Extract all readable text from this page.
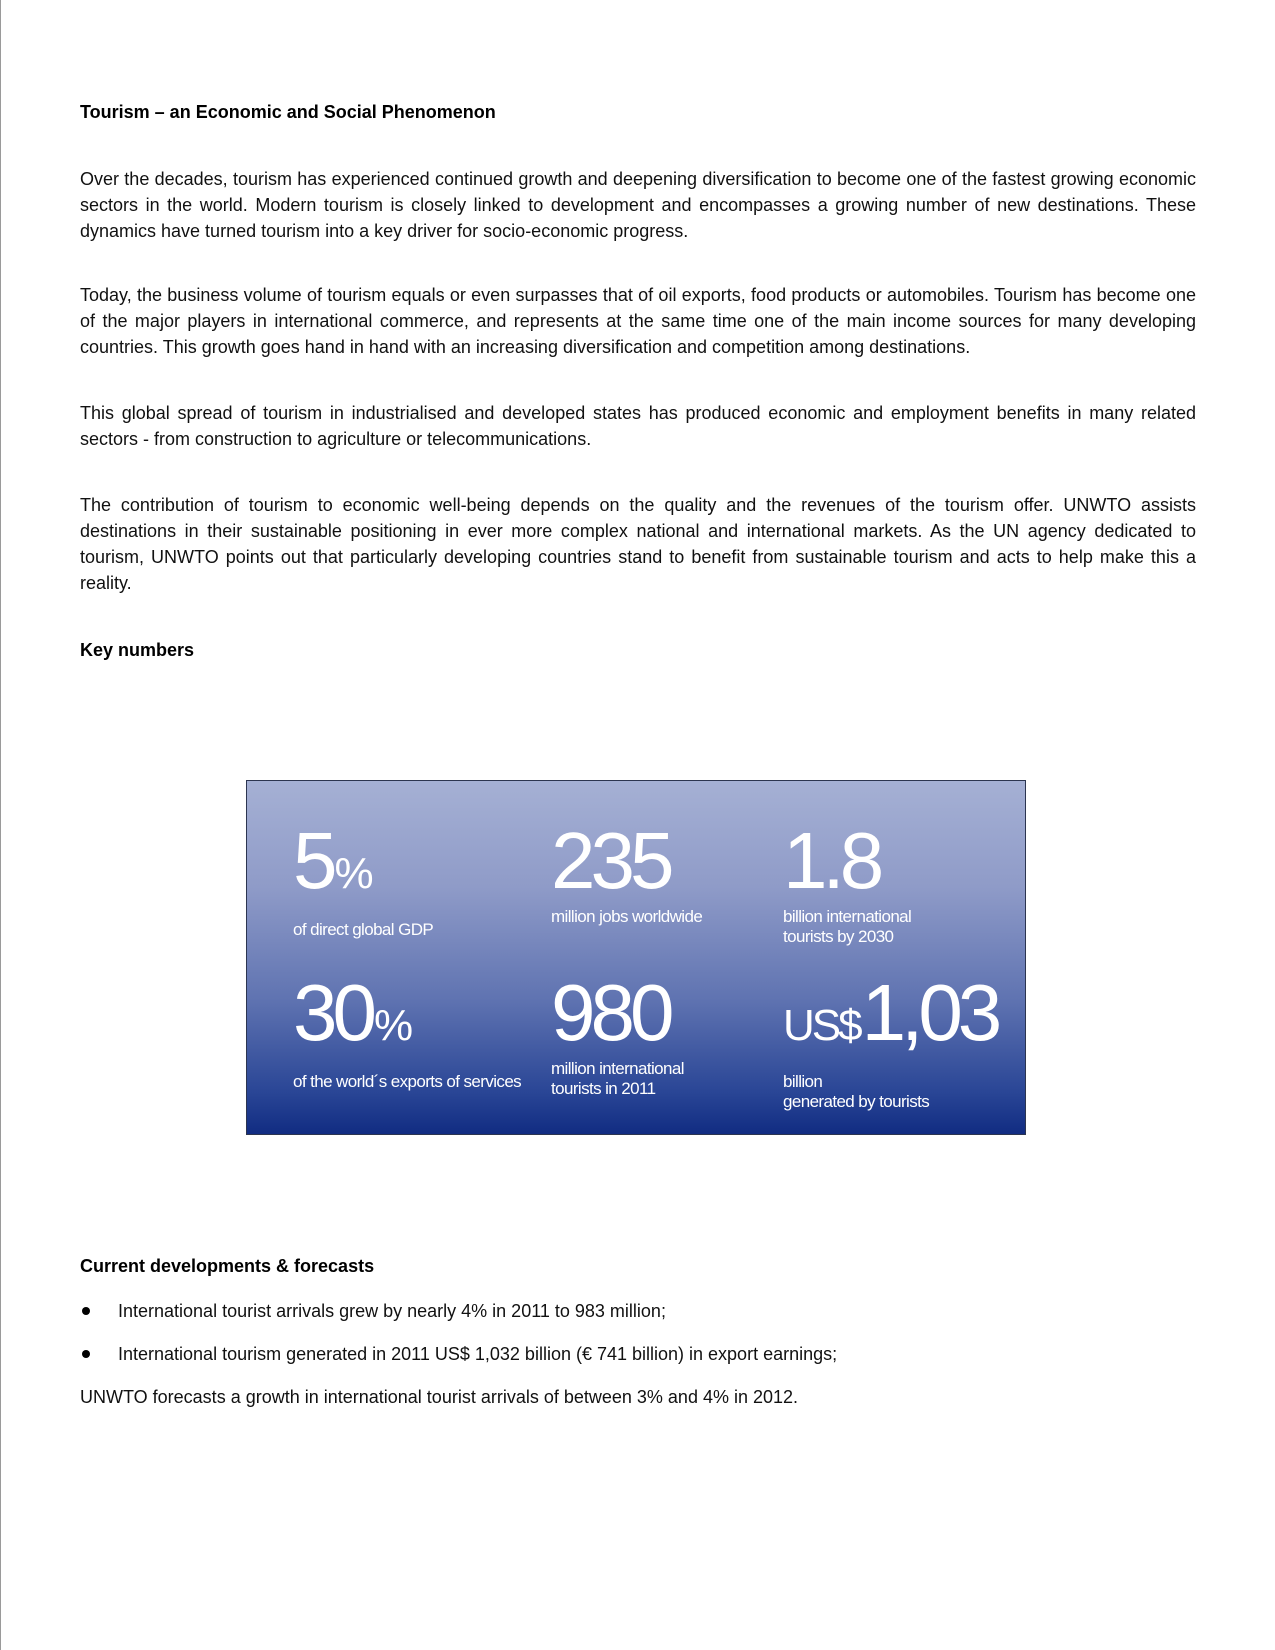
Tourism – an Economic and Social Phenomenon

Over the decades, tourism has experienced continued growth and deepening diversification to become one of the fastest growing economic sectors in the world. Modern tourism is closely linked to development and encompasses a growing number of new destinations. These dynamics have turned tourism into a key driver for socio-economic progress.

Today, the business volume of tourism equals or even surpasses that of oil exports, food products or automobiles. Tourism has become one of the major players in international commerce, and represents at the same time one of the main income sources for many developing countries. This growth goes hand in hand with an increasing diversification and competition among destinations.

This global spread of tourism in industrialised and developed states has produced economic and employment benefits in many related sectors - from construction to agriculture or telecommunications.

The contribution of tourism to economic well-being depends on the quality and the revenues of the tourism offer. UNWTO assists destinations in their sustainable positioning in ever more complex national and international markets. As the UN agency dedicated to tourism, UNWTO points out that particularly developing countries stand to benefit from sustainable tourism and acts to help make this a reality.

Key numbers
Current developments & forecasts
International tourist arrivals grew by nearly 4% in 2011 to 983 million;
International tourism generated in 2011 US$ 1,032 billion (€ 741 billion) in export earnings;

UNWTO forecasts a growth in international tourist arrivals of between 3% and 4% in 2012.

5%
of direct global GDP
235
million jobs worldwide
1.8
billion international
tourists by 2030
30%
of the world´s exports of services
980
million international
tourists in 2011
US$1,03
billion
generated by tourists
